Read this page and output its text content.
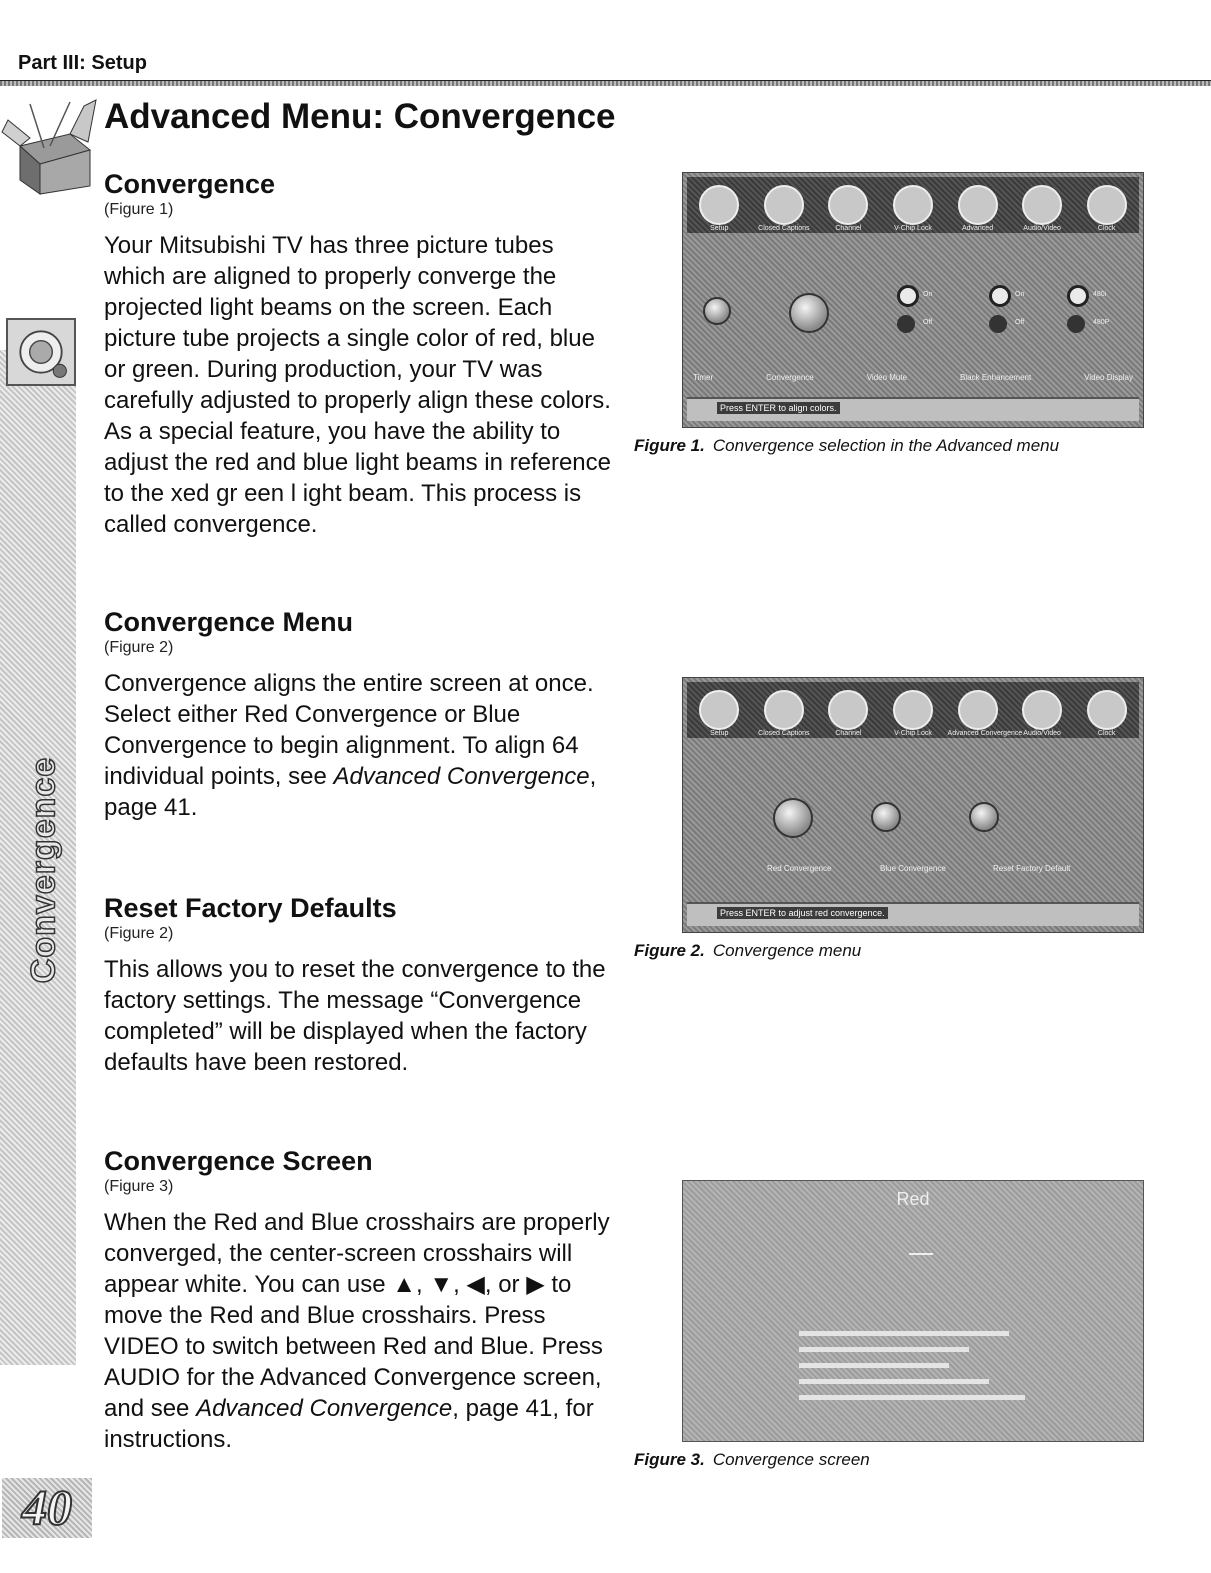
Part III: Setup
Advanced Menu: Convergence
Convergence
Convergence

(Figure 1)

Your Mitsubishi TV has three picture tubes which are aligned to properly converge the projected light beams on the screen. Each picture tube projects a single color of red, blue or green. During production, your TV was carefully adjusted to properly align these colors. As a special feature, you have the ability to adjust the red and blue light beams in reference to the xed gr een l ight beam. This process is called convergence.

Convergence Menu

(Figure 2)

Convergence aligns the entire screen at once. Select either Red Convergence or Blue Convergence to begin alignment. To align 64 individual points, see Advanced Convergence, page 41.

Reset Factory Defaults

(Figure 2)

This allows you to reset the convergence to the factory settings. The message “Convergence completed” will be displayed when the factory defaults have been restored.

Convergence Screen

(Figure 3)

When the Red and Blue crosshairs are properly converged, the center-screen crosshairs will appear white. You can use ▲, ▼, ◀, or ▶ to move the Red and Blue crosshairs. Press VIDEO to switch between Red and Blue. Press AUDIO for the Advanced Convergence screen, and see Advanced Convergence, page 41, for instructions.

Setup	Closed Captions	Channel	V-Chip Lock	Advanced	Audio/Video	Clock
On
Off
On
Off
480i
480P
Timer	Convergence	Video Mute	Black Enhancement	Video Display
Press ENTER to align colors.
Figure 1. Convergence selection in the Advanced menu
Setup	Closed Captions	Channel	V-Chip Lock	Advanced Convergence Audio/Video	Clock
Red Convergence	Blue Convergence	Reset Factory Default
Press ENTER to adjust red convergence.
Figure 2. Convergence menu
Red
Figure 3. Convergence screen
40
